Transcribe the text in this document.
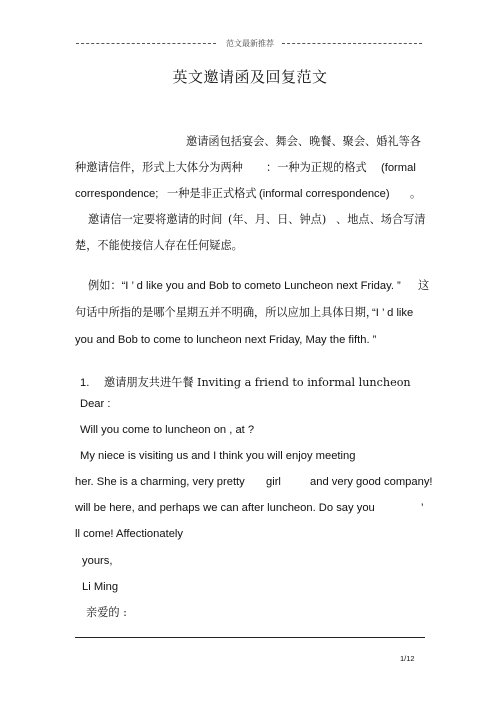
范文最新推荐
英文邀请函及回复范文
邀请函包括宴会、舞会、晚餐、聚会、婚礼等各
种邀请信件，形式上大体分为两种 ：一种为正规的格式 (formal
correspondence; 一种是非正式格式 (informal correspondence) 。
邀请信一定要将邀请的时间 (年、月、日、钟点) 、地点、场合写清
楚，不能使接信人存在任何疑虑。
例如：“I ’ d like you and Bob to cometo Luncheon next Friday. ” 这
句话中所指的是哪个星期五并不明确，所以应加上具体日期，
“I ’ d like
you and Bob to come to luncheon next Friday, May the fifth. ”
1. 邀请朋友共进午餐 Inviting a friend to informal luncheon
Dear :
Will you come to luncheon on , at ?
My niece is visiting us and I think you will enjoy meeting
her. She is a charming, very pretty girl	and very good company!
will be here, and perhaps we can after luncheon. Do say you	’
ll come! Affectionately
yours,
Li Ming
亲爱的 :
1/12
